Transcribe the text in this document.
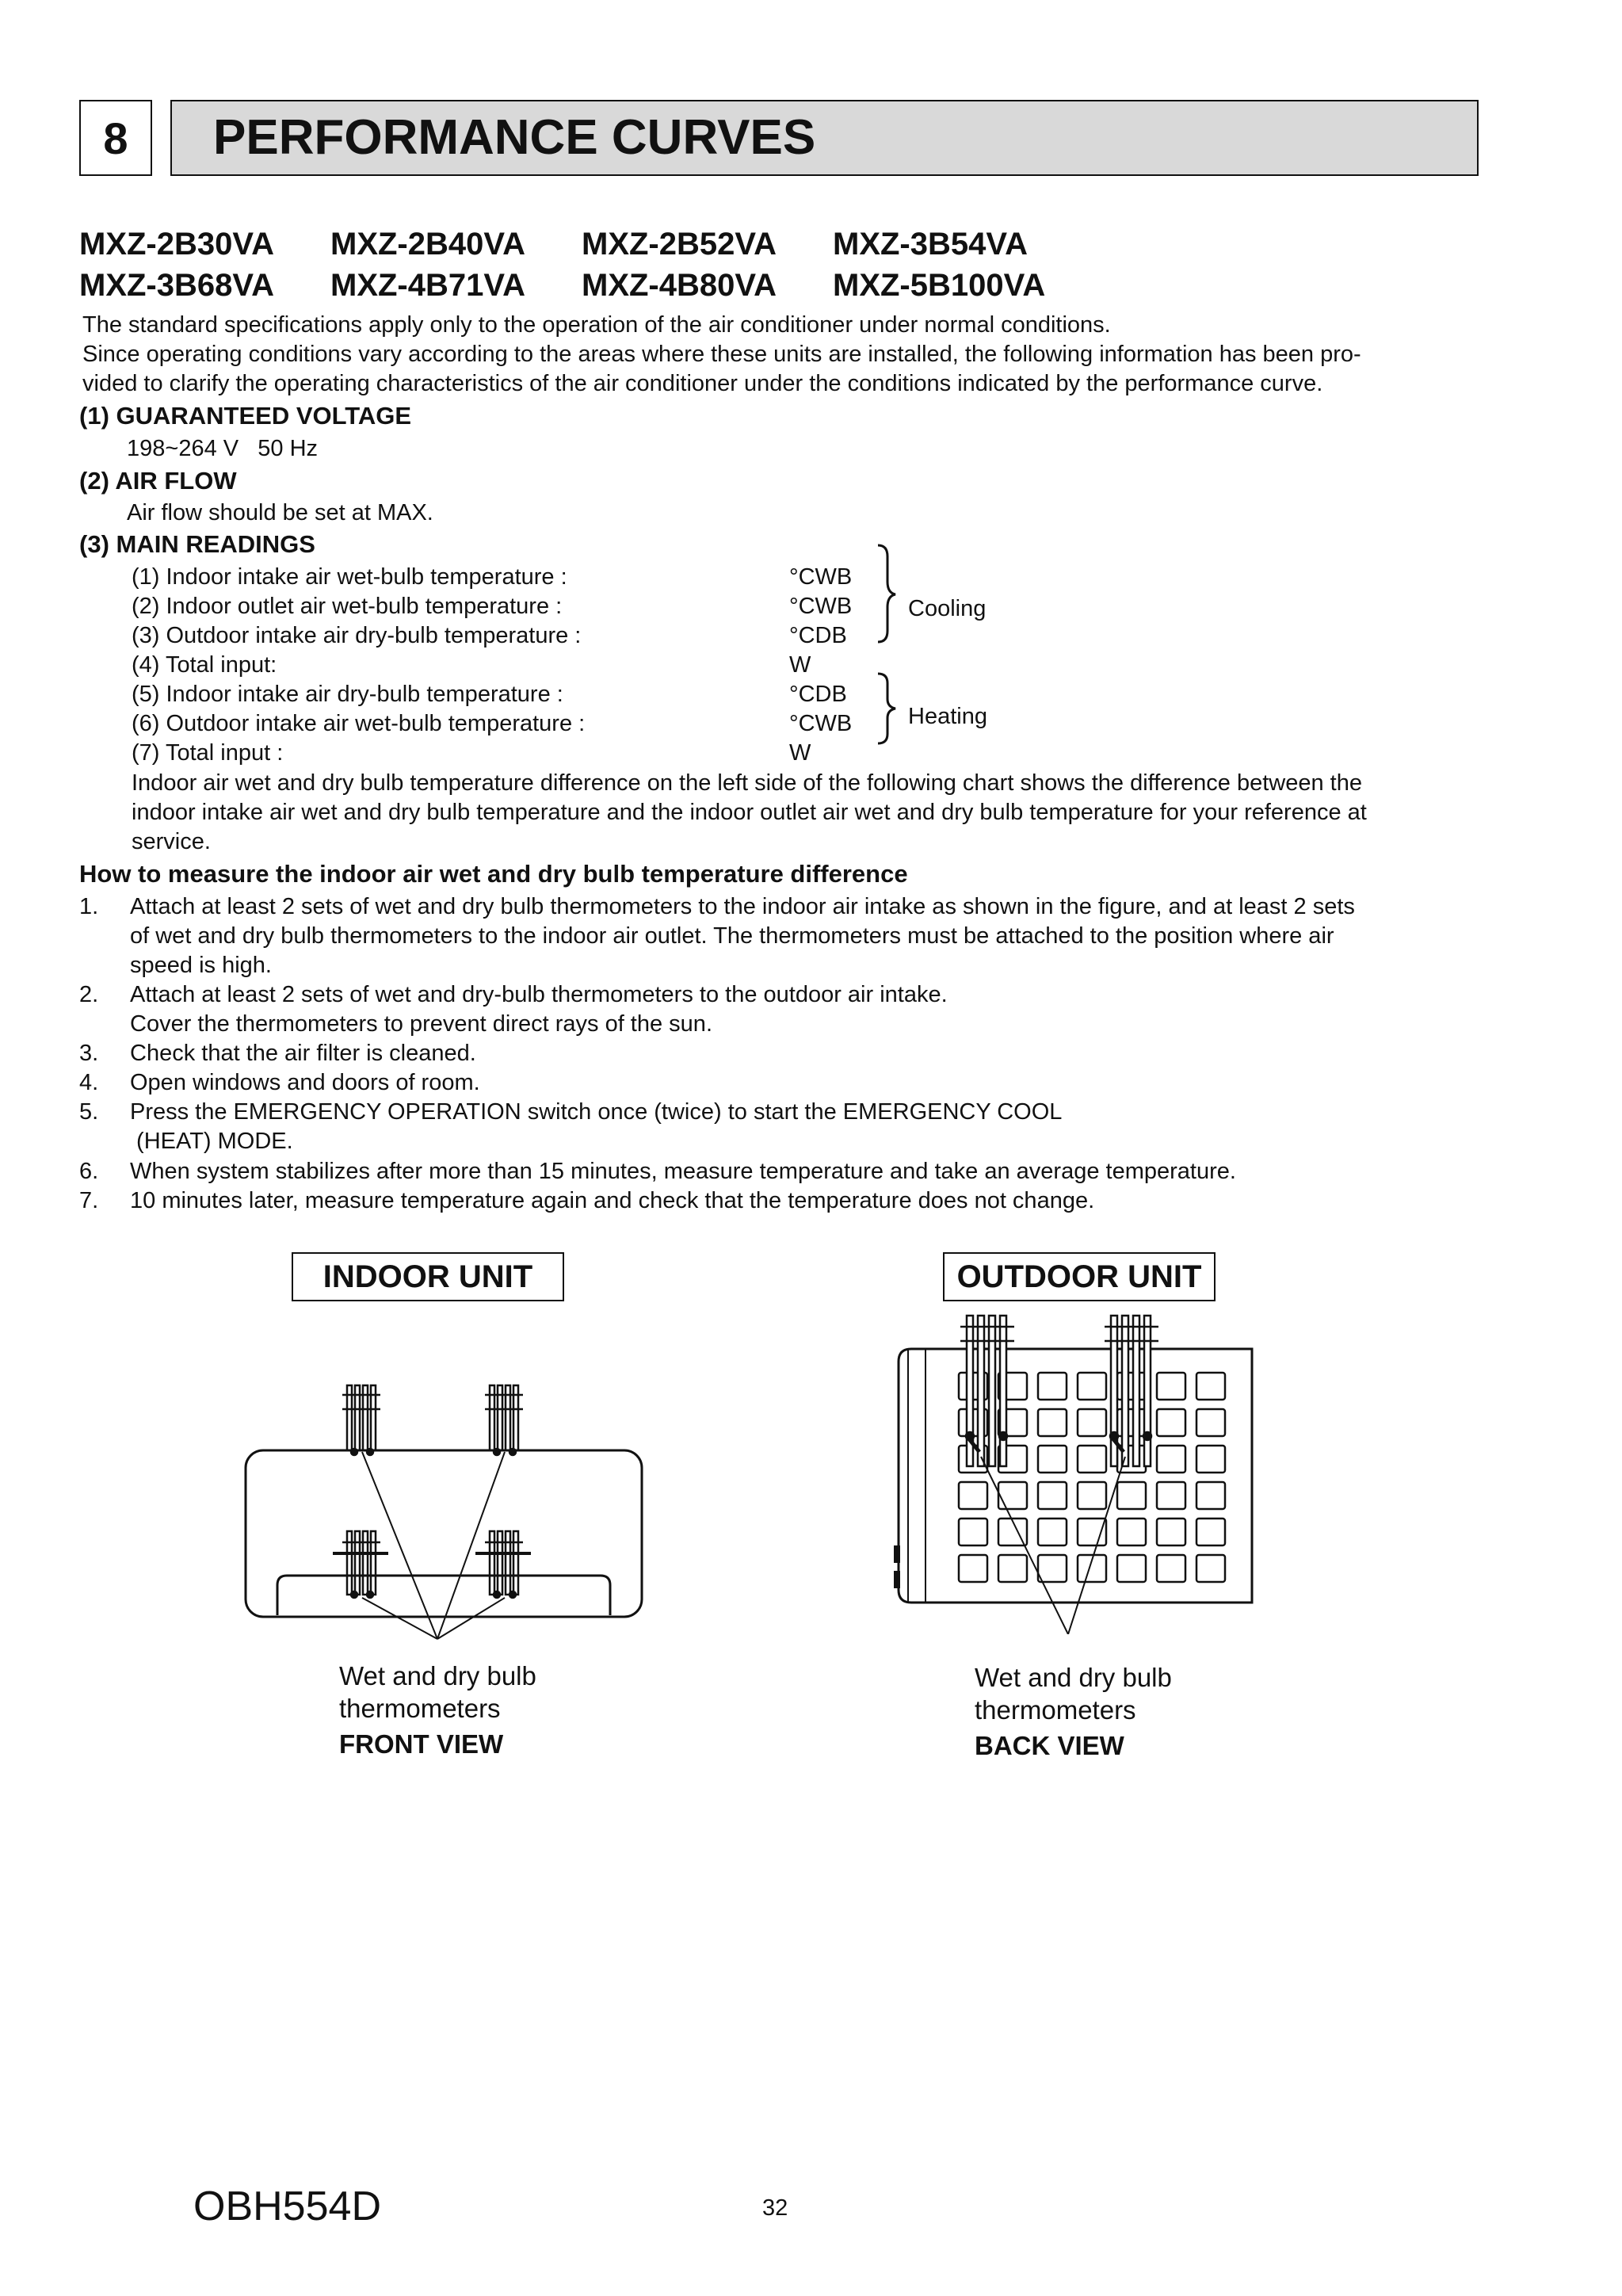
8	PERFORMANCE CURVES
MXZ-2B30VA MXZ-2B40VA MXZ-2B52VA MXZ-3B54VA
MXZ-3B68VA MXZ-4B71VA MXZ-4B80VA MXZ-5B100VA
The standard specifications apply only to the operation of the air conditioner under normal conditions.
Since operating conditions vary according to the areas where these units are installed, the following information has been pro-
vided to clarify the operating characteristics of the air conditioner under the conditions indicated by the performance curve.
(1) GUARANTEED VOLTAGE
198~264 V   50 Hz
(2) AIR FLOW
Air flow should be set at MAX.
(3) MAIN READINGS
(1) Indoor intake air wet-bulb temperature :	°CWB
(2) Indoor outlet air wet-bulb temperature :	°CWB
(3) Outdoor intake air dry-bulb temperature :	°CDB
(4) Total input:	W
(5) Indoor intake air dry-bulb temperature :	°CDB
(6) Outdoor intake air wet-bulb temperature :	°CWB
(7) Total input :	W
Cooling
Heating
Indoor air wet and dry bulb temperature difference on the left side of the following chart shows the difference between the
indoor intake air wet and dry bulb temperature and the indoor outlet air wet and dry bulb temperature for your reference at
service.
How to measure the indoor air wet and dry bulb temperature difference
1. Attach at least 2 sets of wet and dry bulb thermometers to the indoor air intake as shown in the figure, and at least 2 sets
of wet and dry bulb thermometers to the indoor air outlet. The thermometers must be attached to the position where air
speed is high.
2. Attach at least 2 sets of wet and dry-bulb thermometers to the outdoor air intake.
Cover the thermometers to prevent direct rays of the sun.
3. Check that the air filter is cleaned.
4. Open windows and doors of room.
5. Press the EMERGENCY OPERATION switch once (twice) to start the EMERGENCY COOL
(HEAT) MODE.
6. When system stabilizes after more than 15 minutes, measure temperature and take an average temperature.
7. 10 minutes later, measure temperature again and check that the temperature does not change.
INDOOR UNIT
Wet and dry bulb
thermometers
FRONT VIEW
OUTDOOR UNIT
Wet and dry bulb
thermometers
BACK VIEW
OBH554D	32
